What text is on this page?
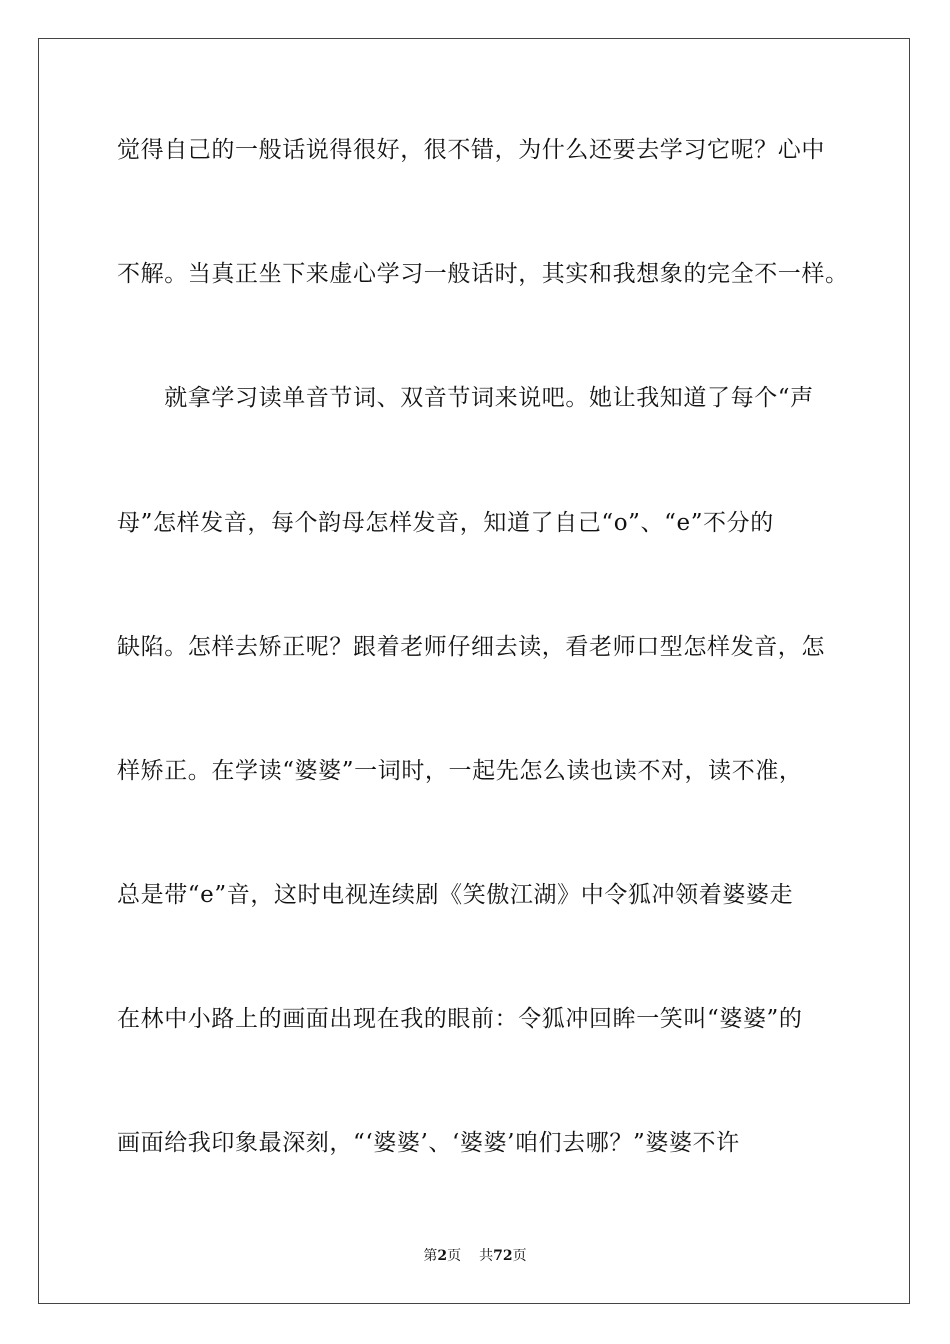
觉得自己的一般话说得很好，很不错，为什么还要去学习它呢？心中
不解。当真正坐下来虚心学习一般话时，其实和我想象的完全不一样。
　　就拿学习读单音节词、双音节词来说吧。她让我知道了每个“声
母”怎样发音，每个韵母怎样发音，知道了自己“o”、“e”不分的
缺陷。怎样去矫正呢？跟着老师仔细去读，看老师口型怎样发音，怎
样矫正。在学读“婆婆”一词时，一起先怎么读也读不对，读不准，
总是带“e”音，这时电视连续剧《笑傲江湖》中令狐冲领着婆婆走
在林中小路上的画面出现在我的眼前：令狐冲回眸一笑叫“婆婆”的
画面给我印象最深刻，“‘婆婆’、‘婆婆’咱们去哪？”婆婆不许
第2页 共72页
